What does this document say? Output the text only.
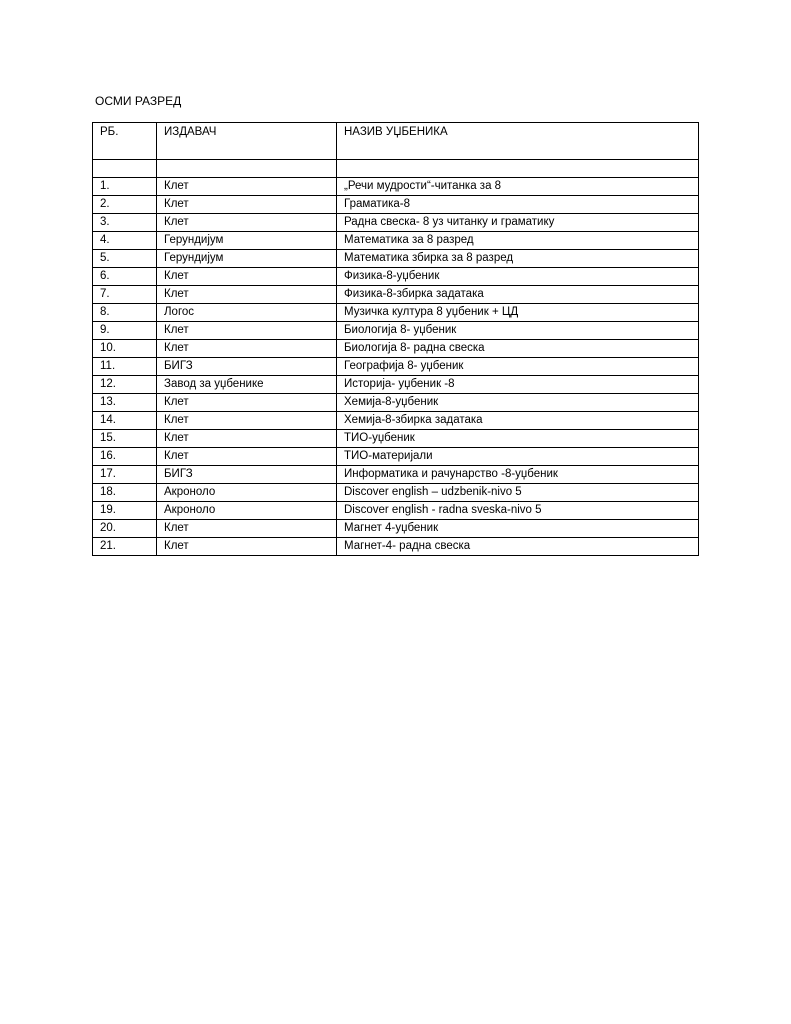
ОСМИ РАЗРЕД
РБ.	ИЗДАВАЧ	НАЗИВ УЏБЕНИКА

1.	Клет	„Речи мудрости“-читанка за 8
2.	Клет	Граматика-8
3.	Клет	Радна свеска- 8 уз читанку и граматику
4.	Герундијум	Математика за 8 разред
5.	Герундијум	Математика збирка за 8 разред
6.	Клет	Физика-8-уџбеник
7.	Клет	Физика-8-збирка задатака
8.	Логос	Музичка култура 8 уџбеник + ЦД
9.	Клет	Биологија 8- уџбеник
10.	Клет	Биологија 8- радна свеска
11.	БИГЗ	Географија 8- уџбеник
12.	Завод за уџбенике	Историја- уџбеник -8
13.	Клет	Хемија-8-уџбеник
14.	Клет	Хемија-8-збирка задатака
15.	Клет	ТИО-уџбеник
16.	Клет	ТИО-материјали
17.	БИГЗ	Информатика и рачунарство -8-уџбеник
18.	Акроноло	Discover english – udzbenik-nivo 5
19.	Акроноло	Discover english - radna sveska-nivo 5
20.	Клет	Магнет 4-уџбеник
21.	Клет	Магнет-4- радна свеска
